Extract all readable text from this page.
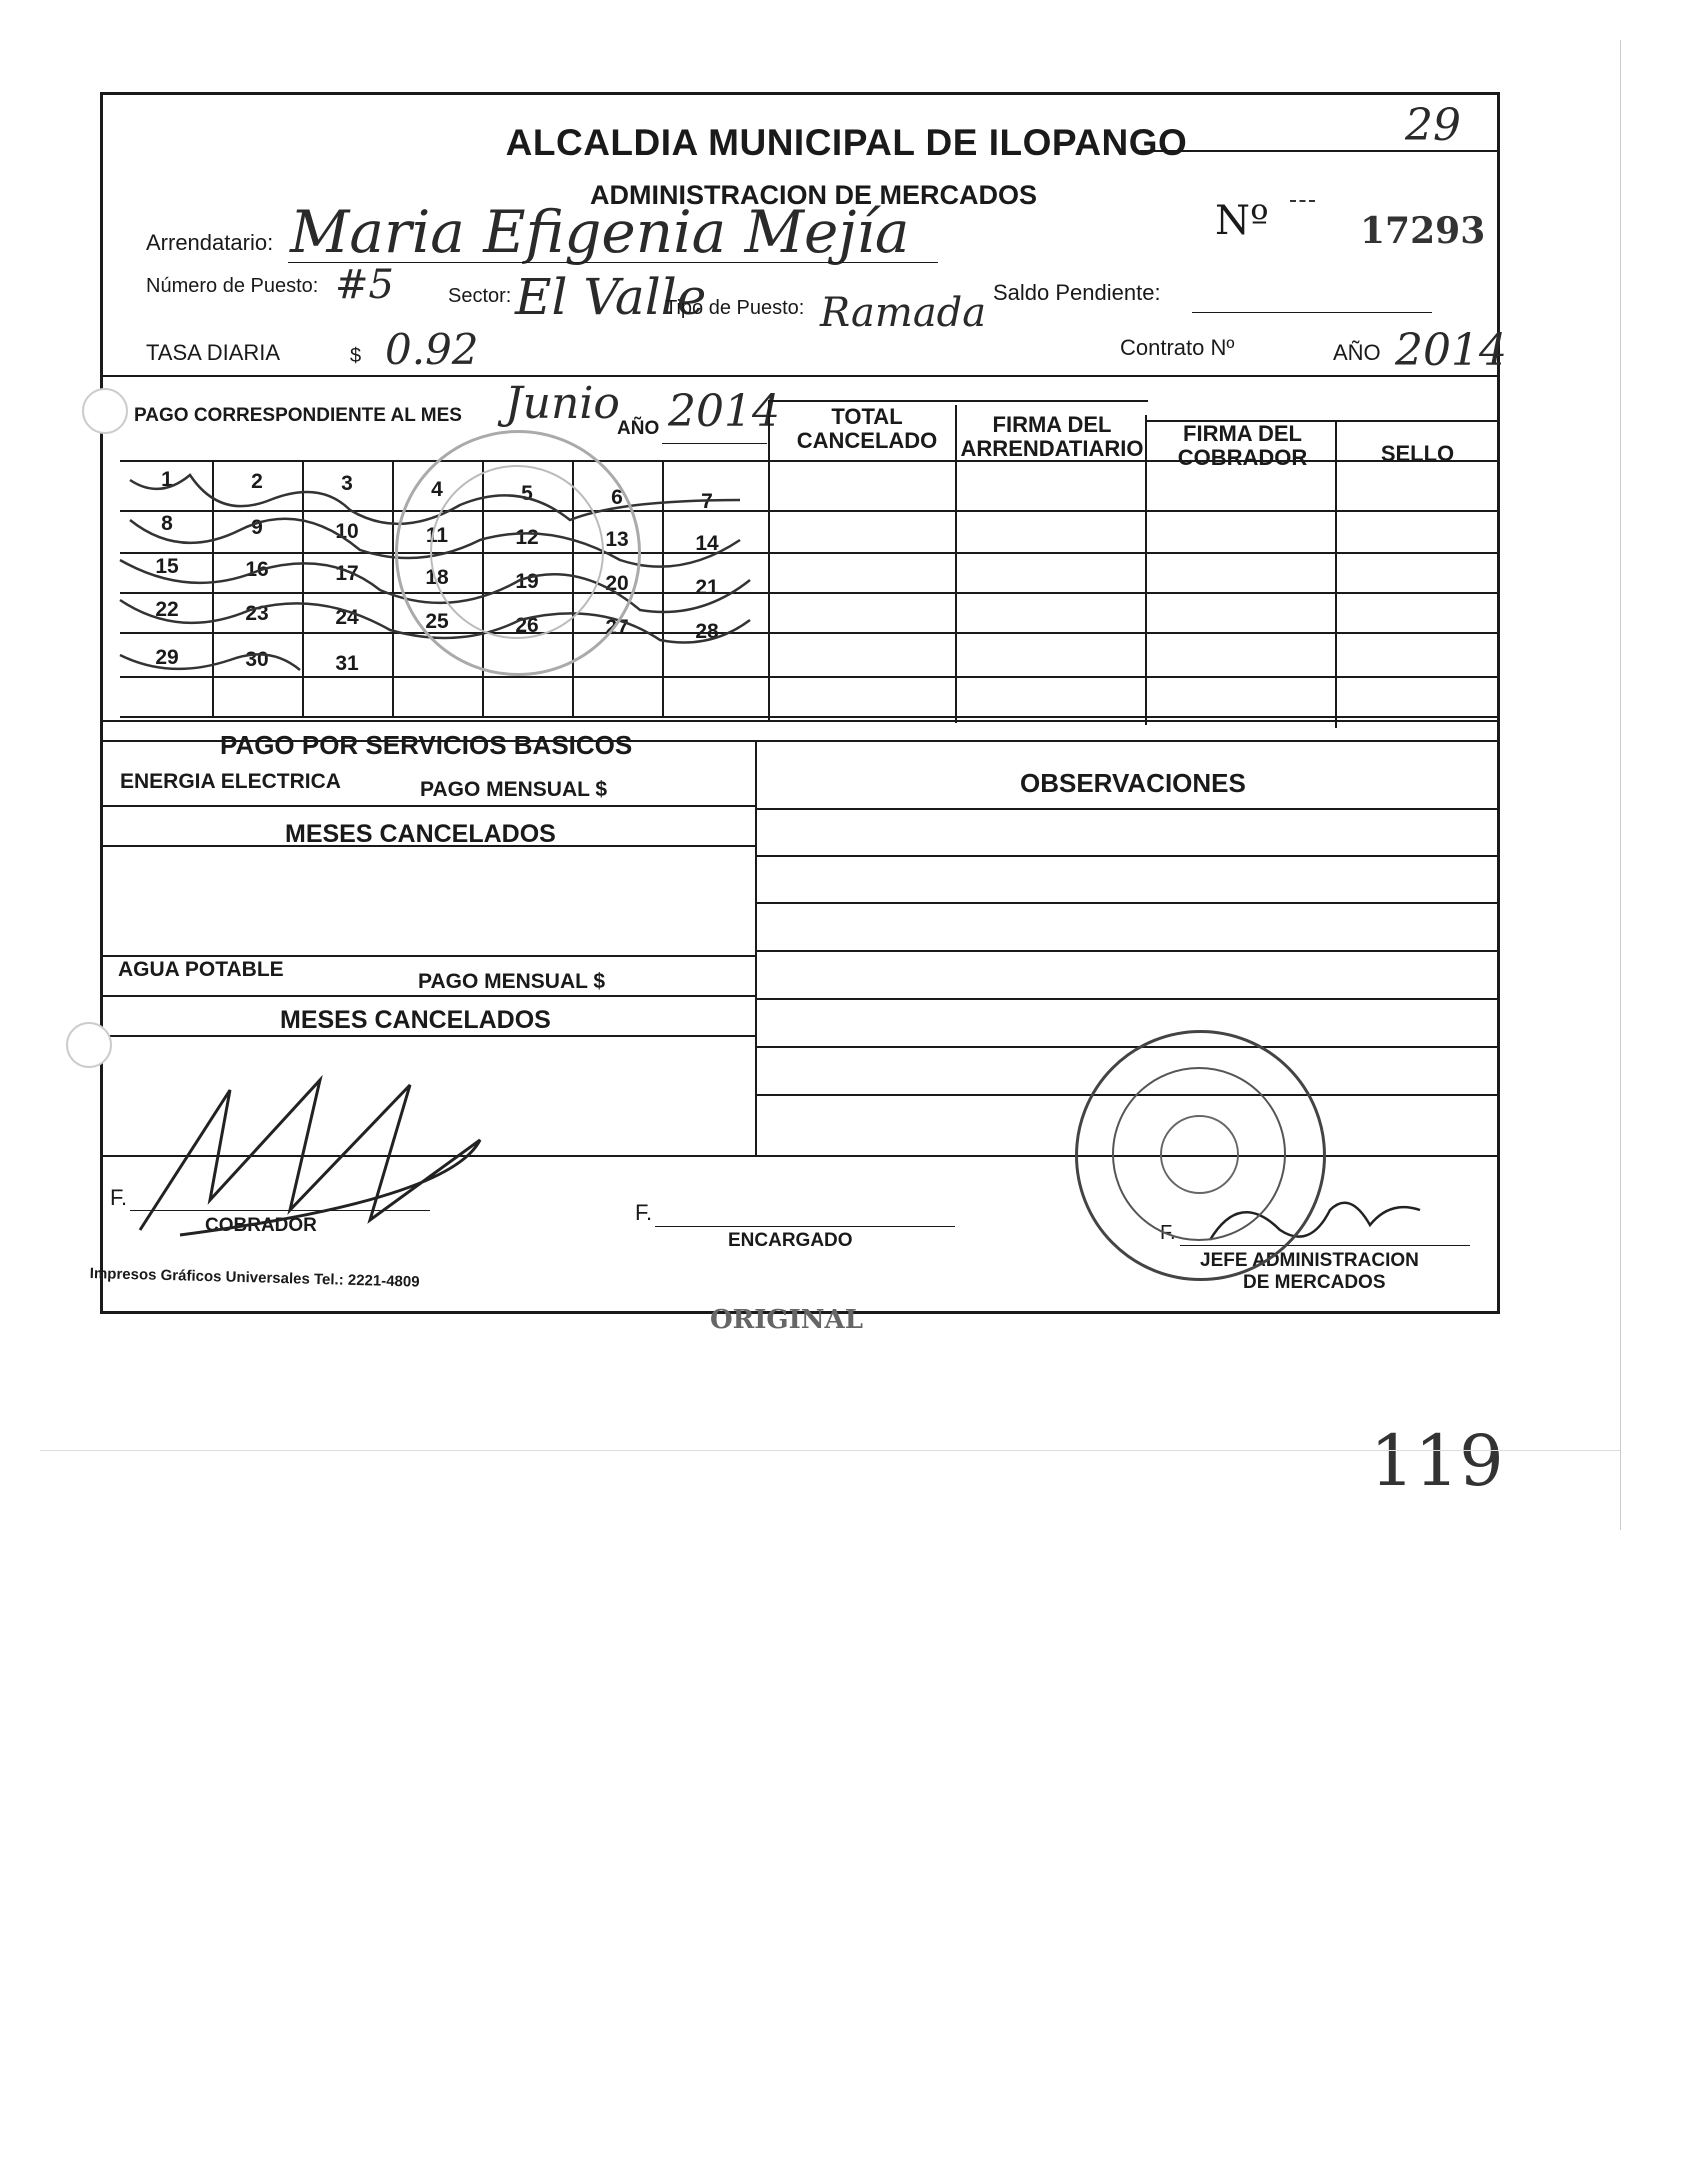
29
ALCALDIA MUNICIPAL DE ILOPANGO
ADMINISTRACION DE MERCADOS
Nº	17293
Arrendatario: Maria Efigenia Mejía
Número de Puesto: #5	Sector: El Valle
Tipo de Puesto: Ramada Saldo Pendiente:
TASA DIARIA	$ 0.92	Contrato Nº	AÑO 2014
PAGO CORRESPONDIENTE AL MES Junio
AÑO 2014	TOTAL CANCELADO
FIRMA DEL ARRENDATIARIO
FIRMA DEL COBRADOR	SELLO
1	2	3	4	5	6	7
8	9	10	11	12	13	14
15	16	17	18	19	20	21
22	23	24	25	26	27	28
29	30	31
PAGO POR SERVICIOS BASICOS
ENERGIA ELECTRICA	PAGO MENSUAL $
MESES CANCELADOS
AGUA POTABLE
PAGO MENSUAL $
MESES CANCELADOS
OBSERVACIONES
F.
COBRADOR
F.
ENCARGADO	F.
JEFE ADMINISTRACION
DE MERCADOS
Impresos Gráficos Universales Tel.: 2221-4809
ORIGINAL
119
